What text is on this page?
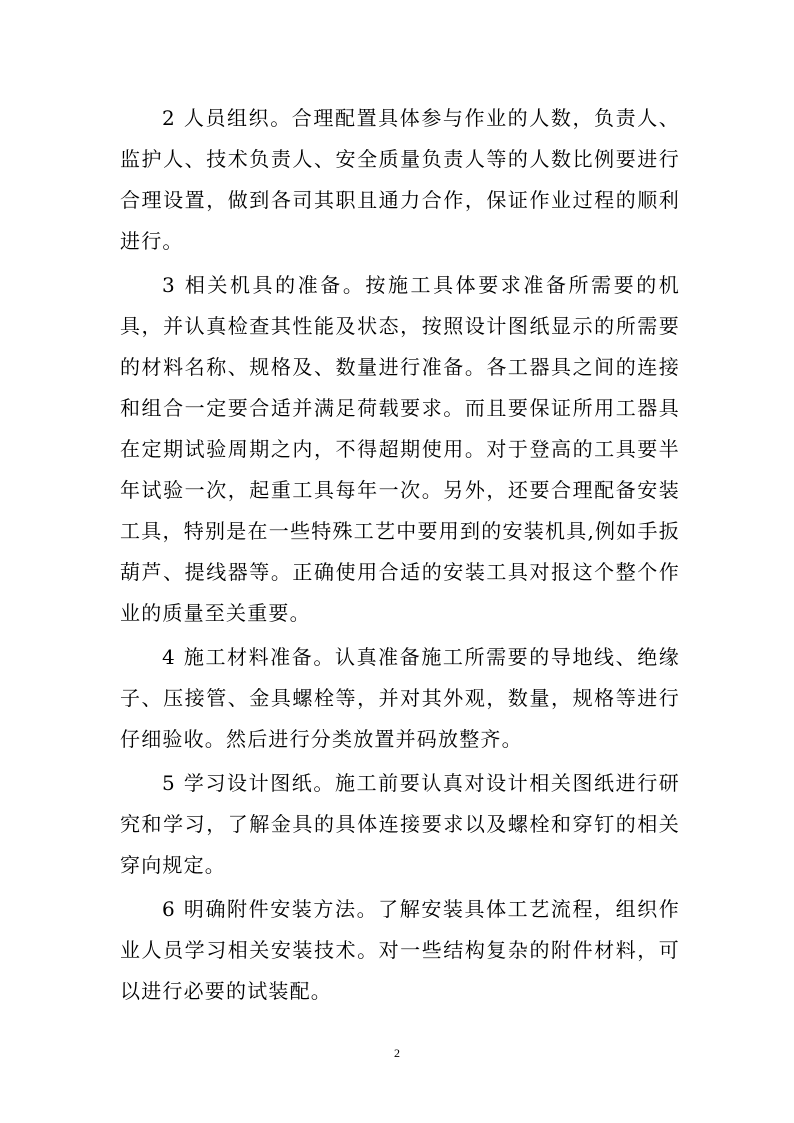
2 人员组织。合理配置具体参与作业的人数，负责人、监护人、技术负责人、安全质量负责人等的人数比例要进行合理设置，做到各司其职且通力合作，保证作业过程的顺利进行。

3 相关机具的准备。按施工具体要求准备所需要的机具，并认真检查其性能及状态，按照设计图纸显示的所需要的材料名称、规格及、数量进行准备。各工器具之间的连接和组合一定要合适并满足荷载要求。而且要保证所用工器具在定期试验周期之内，不得超期使用。对于登高的工具要半年试验一次，起重工具每年一次。另外，还要合理配备安装工具，特别是在一些特殊工艺中要用到的安装机具,例如手扳葫芦、提线器等。正确使用合适的安装工具对报这个整个作业的质量至关重要。

4 施工材料准备。认真准备施工所需要的导地线、绝缘子、压接管、金具螺栓等，并对其外观，数量，规格等进行仔细验收。然后进行分类放置并码放整齐。

5 学习设计图纸。施工前要认真对设计相关图纸进行研究和学习，了解金具的具体连接要求以及螺栓和穿钉的相关穿向规定。

6 明确附件安装方法。了解安装具体工艺流程，组织作业人员学习相关安装技术。对一些结构复杂的附件材料，可以进行必要的试装配。

2
